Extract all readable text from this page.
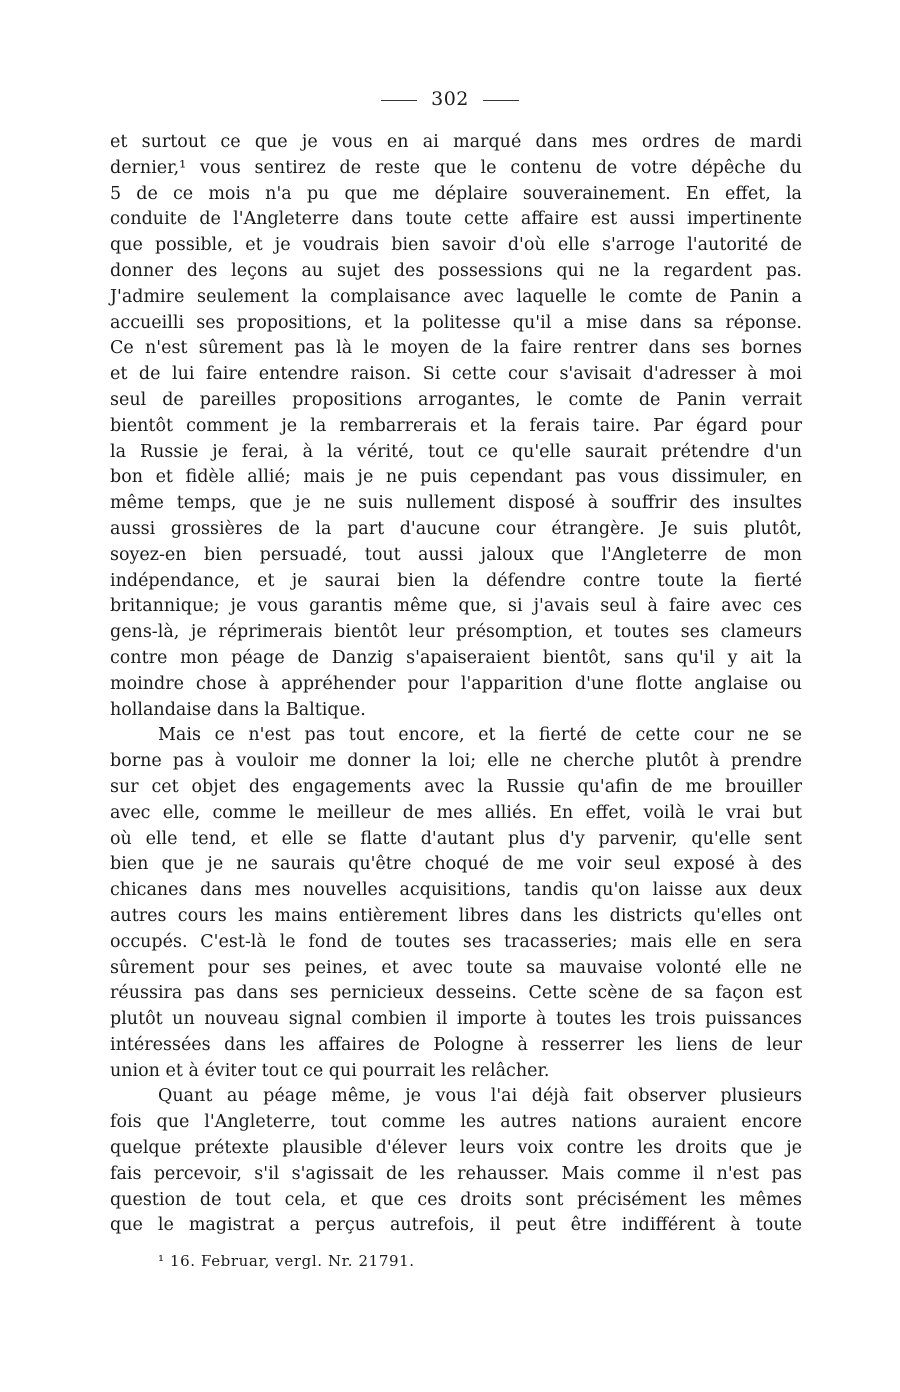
302
et surtout ce que je vous en ai marqué dans mes ordres de mardi
dernier,¹ vous sentirez de reste que le contenu de votre dépêche du
5 de ce mois n'a pu que me déplaire souverainement. En effet, la
conduite de l'Angleterre dans toute cette affaire est aussi impertinente
que possible, et je voudrais bien savoir d'où elle s'arroge l'autorité de
donner des leçons au sujet des possessions qui ne la regardent pas.
J'admire seulement la complaisance avec laquelle le comte de Panin a
accueilli ses propositions, et la politesse qu'il a mise dans sa réponse.
Ce n'est sûrement pas là le moyen de la faire rentrer dans ses bornes
et de lui faire entendre raison. Si cette cour s'avisait d'adresser à moi
seul de pareilles propositions arrogantes, le comte de Panin verrait
bientôt comment je la rembarrerais et la ferais taire. Par égard pour
la Russie je ferai, à la vérité, tout ce qu'elle saurait prétendre d'un
bon et fidèle allié; mais je ne puis cependant pas vous dissimuler, en
même temps, que je ne suis nullement disposé à souffrir des insultes
aussi grossières de la part d'aucune cour étrangère. Je suis plutôt,
soyez-en bien persuadé, tout aussi jaloux que l'Angleterre de mon
indépendance, et je saurai bien la défendre contre toute la fierté
britannique; je vous garantis même que, si j'avais seul à faire avec ces
gens-là, je réprimerais bientôt leur présomption, et toutes ses clameurs
contre mon péage de Danzig s'apaiseraient bientôt, sans qu'il y ait la
moindre chose à appréhender pour l'apparition d'une flotte anglaise ou
hollandaise dans la Baltique.
Mais ce n'est pas tout encore, et la fierté de cette cour ne se
borne pas à vouloir me donner la loi; elle ne cherche plutôt à prendre
sur cet objet des engagements avec la Russie qu'afin de me brouiller
avec elle, comme le meilleur de mes alliés. En effet, voilà le vrai but
où elle tend, et elle se flatte d'autant plus d'y parvenir, qu'elle sent
bien que je ne saurais qu'être choqué de me voir seul exposé à des
chicanes dans mes nouvelles acquisitions, tandis qu'on laisse aux deux
autres cours les mains entièrement libres dans les districts qu'elles ont
occupés. C'est-là le fond de toutes ses tracasseries; mais elle en sera
sûrement pour ses peines, et avec toute sa mauvaise volonté elle ne
réussira pas dans ses pernicieux desseins. Cette scène de sa façon est
plutôt un nouveau signal combien il importe à toutes les trois puissances
intéressées dans les affaires de Pologne à resserrer les liens de leur
union et à éviter tout ce qui pourrait les relâcher.
Quant au péage même, je vous l'ai déjà fait observer plusieurs
fois que l'Angleterre, tout comme les autres nations auraient encore
quelque prétexte plausible d'élever leurs voix contre les droits que je
fais percevoir, s'il s'agissait de les rehausser. Mais comme il n'est pas
question de tout cela, et que ces droits sont précisément les mêmes
que le magistrat a perçus autrefois, il peut être indifférent à toute
¹ 16. Februar, vergl. Nr. 21791.
